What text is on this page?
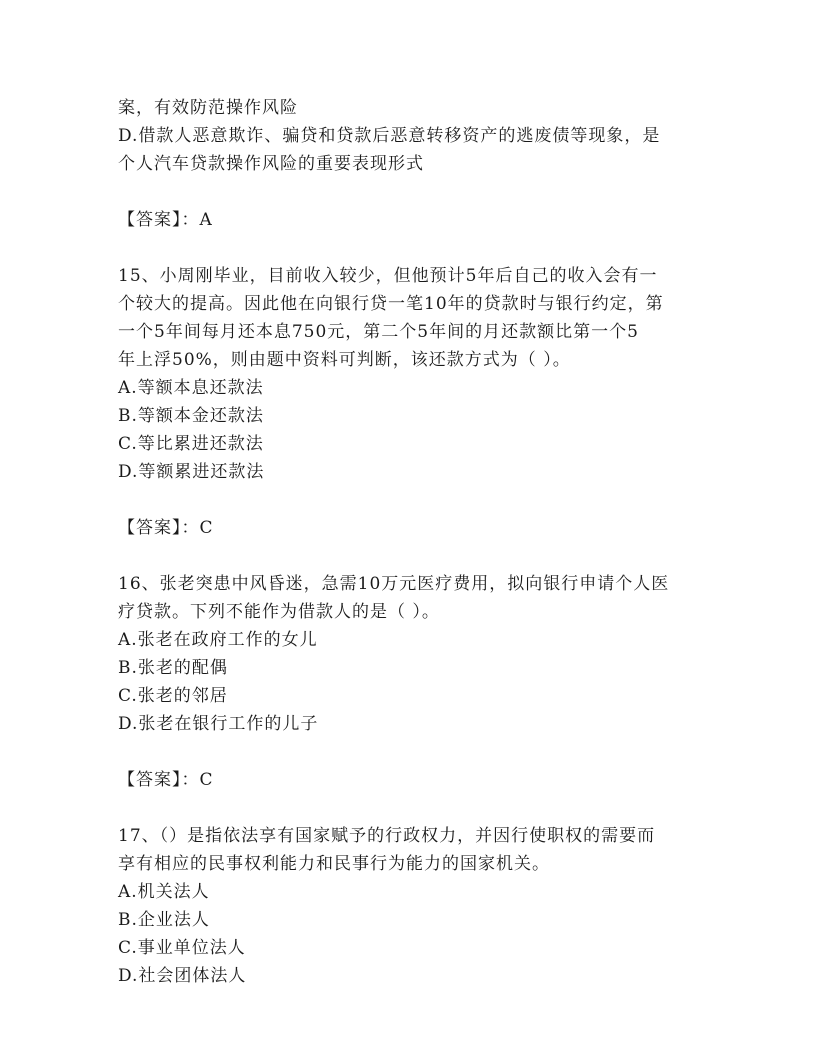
案，有效防范操作风险
D.借款人恶意欺诈、骗贷和贷款后恶意转移资产的逃废债等现象，是
个人汽车贷款操作风险的重要表现形式
【答案】：A
15、小周刚毕业，目前收入较少，但他预计5年后自己的收入会有一
个较大的提高。因此他在向银行贷一笔10年的贷款时与银行约定，第
一个5年间每月还本息750元，第二个5年间的月还款额比第一个5
年上浮50%，则由题中资料可判断，该还款方式为（ ）。
A.等额本息还款法
B.等额本金还款法
C.等比累进还款法
D.等额累进还款法
【答案】：C
16、张老突患中风昏迷，急需10万元医疗费用，拟向银行申请个人医
疗贷款。下列不能作为借款人的是（ ）。
A.张老在政府工作的女儿
B.张老的配偶
C.张老的邻居
D.张老在银行工作的儿子
【答案】：C
17、（）是指依法享有国家赋予的行政权力，并因行使职权的需要而
享有相应的民事权利能力和民事行为能力的国家机关。
A.机关法人
B.企业法人
C.事业单位法人
D.社会团体法人
